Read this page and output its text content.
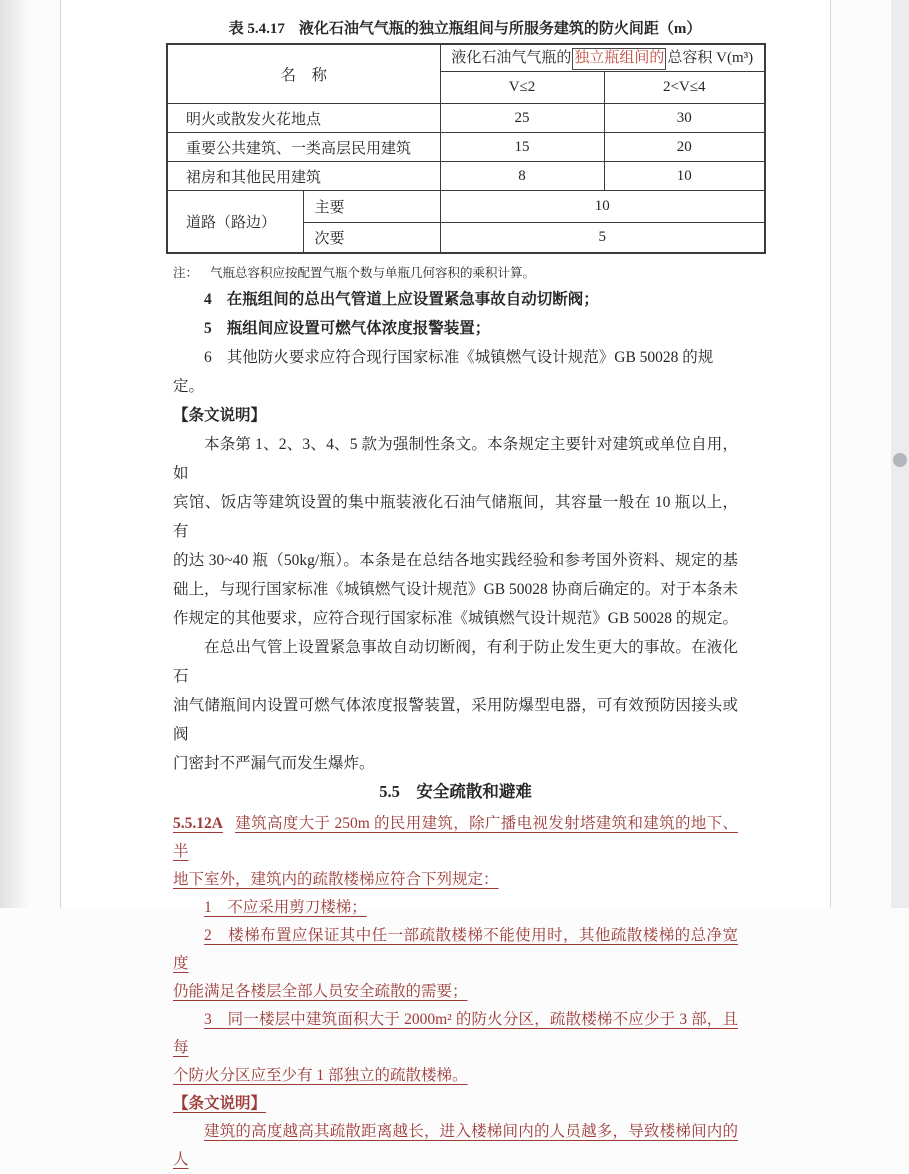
表 5.4.17 液化石油气气瓶的独立瓶组间与所服务建筑的防火间距（m）
名　称		液化石油气气瓶的 独立瓶组间的 总容积 V(m³)	
		V≤2	2<V≤4
明火或散发火花地点		25	30
重要公共建筑、一类高层民用建筑		15	20
裙房和其他民用建筑		8	10
道路（路边）	主要	10	
	次要	5	
注： 气瓶总容积应按配置气瓶个数与单瓶几何容积的乘积计算。
4 在瓶组间的总出气管道上应设置紧急事故自动切断阀；
5 瓶组间应设置可燃气体浓度报警装置；
6 其他防火要求应符合现行国家标准《城镇燃气设计规范》GB 50028 的规定。
【条文说明】
本条第 1、2、3、4、5 款为强制性条文。本条规定主要针对建筑或单位自用，如
宾馆、饭店等建筑设置的集中瓶装液化石油气储瓶间，其容量一般在 10 瓶以上，有
的达 30~40 瓶（50kg/瓶）。本条是在总结各地实践经验和参考国外资料、规定的基
础上，与现行国家标准《城镇燃气设计规范》GB 50028 协商后确定的。对于本条未
作规定的其他要求，应符合现行国家标准《城镇燃气设计规范》GB 50028 的规定。
在总出气管上设置紧急事故自动切断阀，有利于防止发生更大的事故。在液化石
油气储瓶间内设置可燃气体浓度报警装置，采用防爆型电器，可有效预防因接头或阀
门密封不严漏气而发生爆炸。
5.5　安全疏散和避难
5.5.12A 建筑高度大于 250m 的民用建筑，除广播电视发射塔建筑和建筑的地下、半
地下室外，建筑内的疏散楼梯应符合下列规定：
1　不应采用剪刀楼梯；
2　楼梯布置应保证其中任一部疏散楼梯不能使用时，其他疏散楼梯的总净宽度
仍能满足各楼层全部人员安全疏散的需要；
3　同一楼层中建筑面积大于 2000m² 的防火分区，疏散楼梯不应少于 3 部，且每
个防火分区应至少有 1 部独立的疏散楼梯。
【条文说明】
建筑的高度越高其疏散距离越长，进入楼梯间内的人员越多，导致楼梯间内的人
